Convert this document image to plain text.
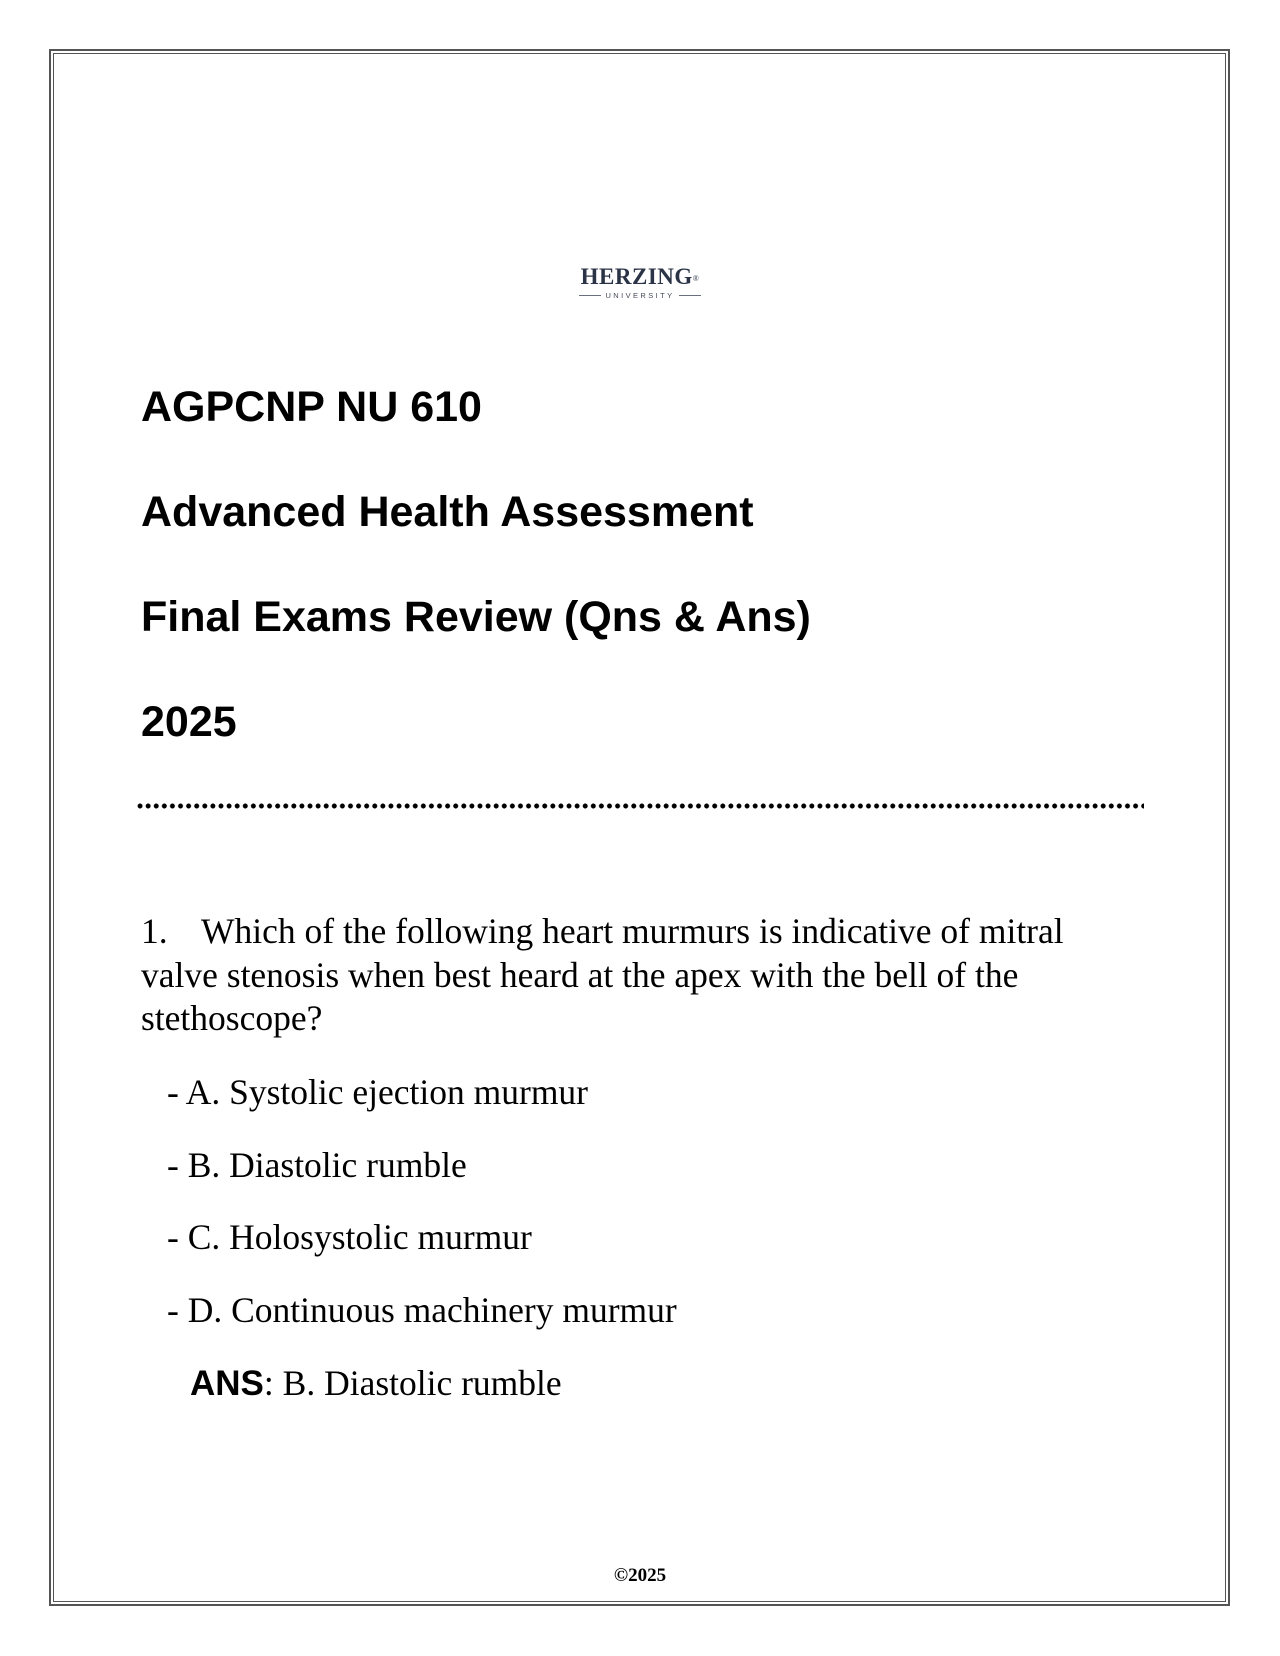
HERZING®
UNIVERSITY
AGPCNP NU 610
Advanced Health Assessment
Final Exams Review (Qns & Ans)
2025
1. Which of the following heart murmurs is indicative of mitral valve stenosis when best heard at the apex with the bell of the stethoscope?
- A. Systolic ejection murmur
- B. Diastolic rumble
- C. Holosystolic murmur
- D. Continuous machinery murmur
ANS: B. Diastolic rumble
©2025
